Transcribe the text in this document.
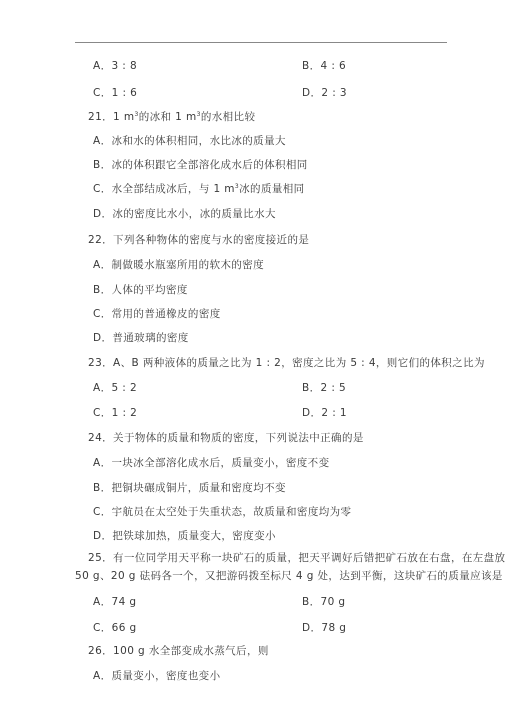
A．3 : 8	B．4 : 6
C．1 : 6	D．2 : 3
21．1 $m^3$的冰和 1 $m^3$的水相比较
A．冰和水的体积相同，水比冰的质量大
B．冰的体积跟它全部溶化成水后的体积相同
C．水全部结成冰后，与 1 $m^3$冰的质量相同
D．冰的密度比水小，冰的质量比水大
22．下列各种物体的密度与水的密度接近的是
A．制做暖水瓶塞所用的软木的密度
B．人体的平均密度
C．常用的普通橡皮的密度
D．普通玻璃的密度
23．A、B 两种液体的质量之比为 1 : 2，密度之比为 5 : 4，则它们的体积之比为
A．5 : 2	B．2 : 5
C．1 : 2	D．2 : 1
24．关于物体的质量和物质的密度，下列说法中正确的是
A．一块冰全部溶化成水后，质量变小，密度不变
B．把铜块碾成铜片，质量和密度均不变
C．宇航员在太空处于失重状态，故质量和密度均为零
D．把铁球加热，质量变大，密度变小
25．有一位同学用天平称一块矿石的质量，把天平调好后错把矿石放在右盘，在左盘放
50 g、20 g 砝码各一个，又把游码拨至标尺 4 g 处，达到平衡，这块矿石的质量应该是
A．74 g	B．70 g
C．66 g	D．78 g
26．100 g 水全部变成水蒸气后，则
A．质量变小，密度也变小
